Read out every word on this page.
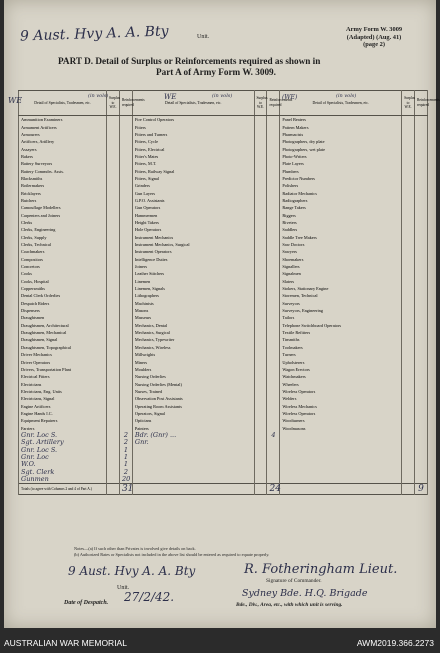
9 Aust. Hvy A. A. Bty	Unit.
Army Form W. 3009
(Adapted) (Aug. 41)
(page 2)
PART D. Detail of Surplus or Reinforcements required as shown in
Part A of Army Form W. 3009.
Detail of Specialists, Tradesmen, etc.	Surplus to W.E.	Reinforcements required	Detail of Specialists, Tradesmen, etc.	Surplus to W.E.	Reinforcements required	Detail of Specialists, Tradesmen, etc.	Surplus to W.E.	Reinforcements required
Ammunition Examiners			Fire Control Operators			Panel Beaters		
Armament Artificers			Fitters			Pattern Makers		
Armourers			Fitters and Turners			Pharmacists		
Artificers, Artillery			Fitters, Cycle			Photographers, dry plate		
Assayers			Fitters, Electrical			Photographers, wet plate		
Bakers			Fitter's Mates			Photo-Writers		
Battery Surveyors			Fitters, M.T.			Plate Layers		
Battery Commdrs. Assts.			Fitters, Railway Signal			Plumbers		
Blacksmiths			Fitters, Signal			Predictor Numbers		
Boilermakers			Grinders			Polishers		
Bricklayers			Gun Layers			Radiator Mechanics		
Butchers			G.P.O. Assistants			Radiographers		
Camouflage Modellers			Gun Operators			Range Takers		
Carpenters and Joiners			Hammermen			Riggers		
Clerks			Height Takers			Riveters		
Clerks, Engineering			Hole Operators			Saddlers		
Clerks, Supply			Instrument Mechanics			Saddle Tree Makers		
Clerks, Technical			Instrument Mechanics, Surgical			Saw Doctors		
Coachmakers			Instrument Operators			Sawyers		
Compositors			Intelligence Duties			Shoemakers		
Concretors			Joiners			Signallers		
Cooks			Leather Stitchers			Signalmen		
Cooks, Hospital			Linemen			Slaters		
Coppersmiths			Linemen, Signals			Stokers, Stationary Engine		
Dental Clerk Orderlies			Lithographers			Storemen, Technical		
Despatch Riders			Machinists			Surveyors		
Dispensers			Masons			Surveyors, Engineering		
Draughtsmen			Masseurs			Tailors		
Draughtsmen, Architectural			Mechanics, Dental			Telephone Switchboard Operators		
Draughtsmen, Mechanical			Mechanics, Surgical			Textile Refitters		
Draughtsmen, Signal			Mechanics, Typewriter			Tinsmiths		
Draughtsmen, Topographical			Mechanics, Wireless			Toolmakers		
Driver Mechanics			Millwrights			Turners		
Driver Operators			Miners			Upholsterers		
Drivers, Transportation Plant			Moulders			Wagon Erectors		
Electrical Fitters			Nursing Orderlies			Watchmakers		
Electricians			Nursing Orderlies (Mental)			Wheelers		
Electricians, Eng. Units			Nurses, Trained			Wireless Operators		
Electricians, Signal			Observation Post Assistants			Welders		
Engine Artificers			Operating Room Assistants			Wireless Mechanics		
Engine Hands I.C.			Operators, Signal			Wireless Operators		
Equipment Repairers			Opticians			Woodturners		
Farriers			Painters			Woodmasons		
Gnr. Loc S.		2	Bdr. (Gnr) ...		4			
Sgt. Artillery		2	Gnr.					
Gnr. Loc S.		1						
Gnr. Loc		1						
W.O.		1						
Sgt. Clerk		2						
Gunmen		20						
Totals (to agree with Columns 2 and 4 of Part A.)		31			24			9
WE	(in vols)	WE	(in vols)	(WE)	(in vols)
Notes—(a) If such other than Privates is involved give details on back.
(b) Authorized Rates or Specialists not included in the above list should be entered as required to equate properly.
9 Aust. Hvy A. A. Bty
Unit.
R. Fotheringham Lieut.
Signature of Commander.
Sydney Bde. H.Q. Brigade
Bde., Div., Area, etc., with which unit is serving.
Date of Despatch. 27/2/42.
AUSTRALIAN WAR MEMORIAL	AWM2019.366.2273
